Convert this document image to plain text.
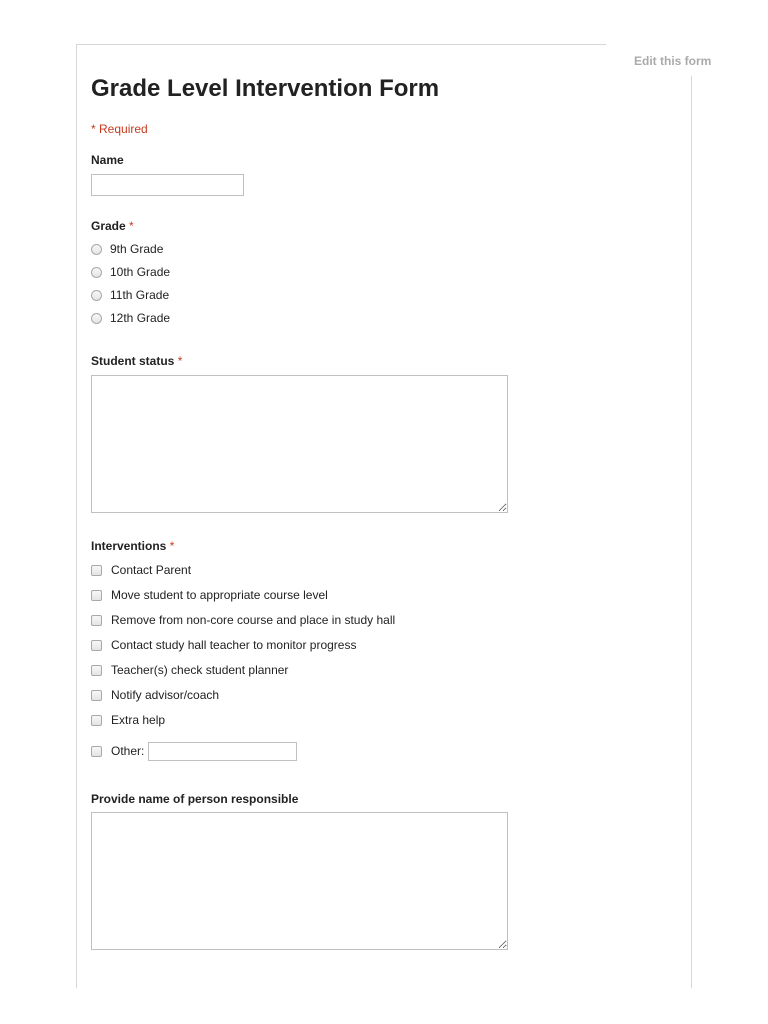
Edit this form
Grade Level Intervention Form
* Required
Name
Grade *
9th Grade
10th Grade
11th Grade
12th Grade
Student status *
Interventions *
Contact Parent
Move student to appropriate course level
Remove from non-core course and place in study hall
Contact study hall teacher to monitor progress
Teacher(s) check student planner
Notify advisor/coach
Extra help
Other:
Provide name of person responsible
